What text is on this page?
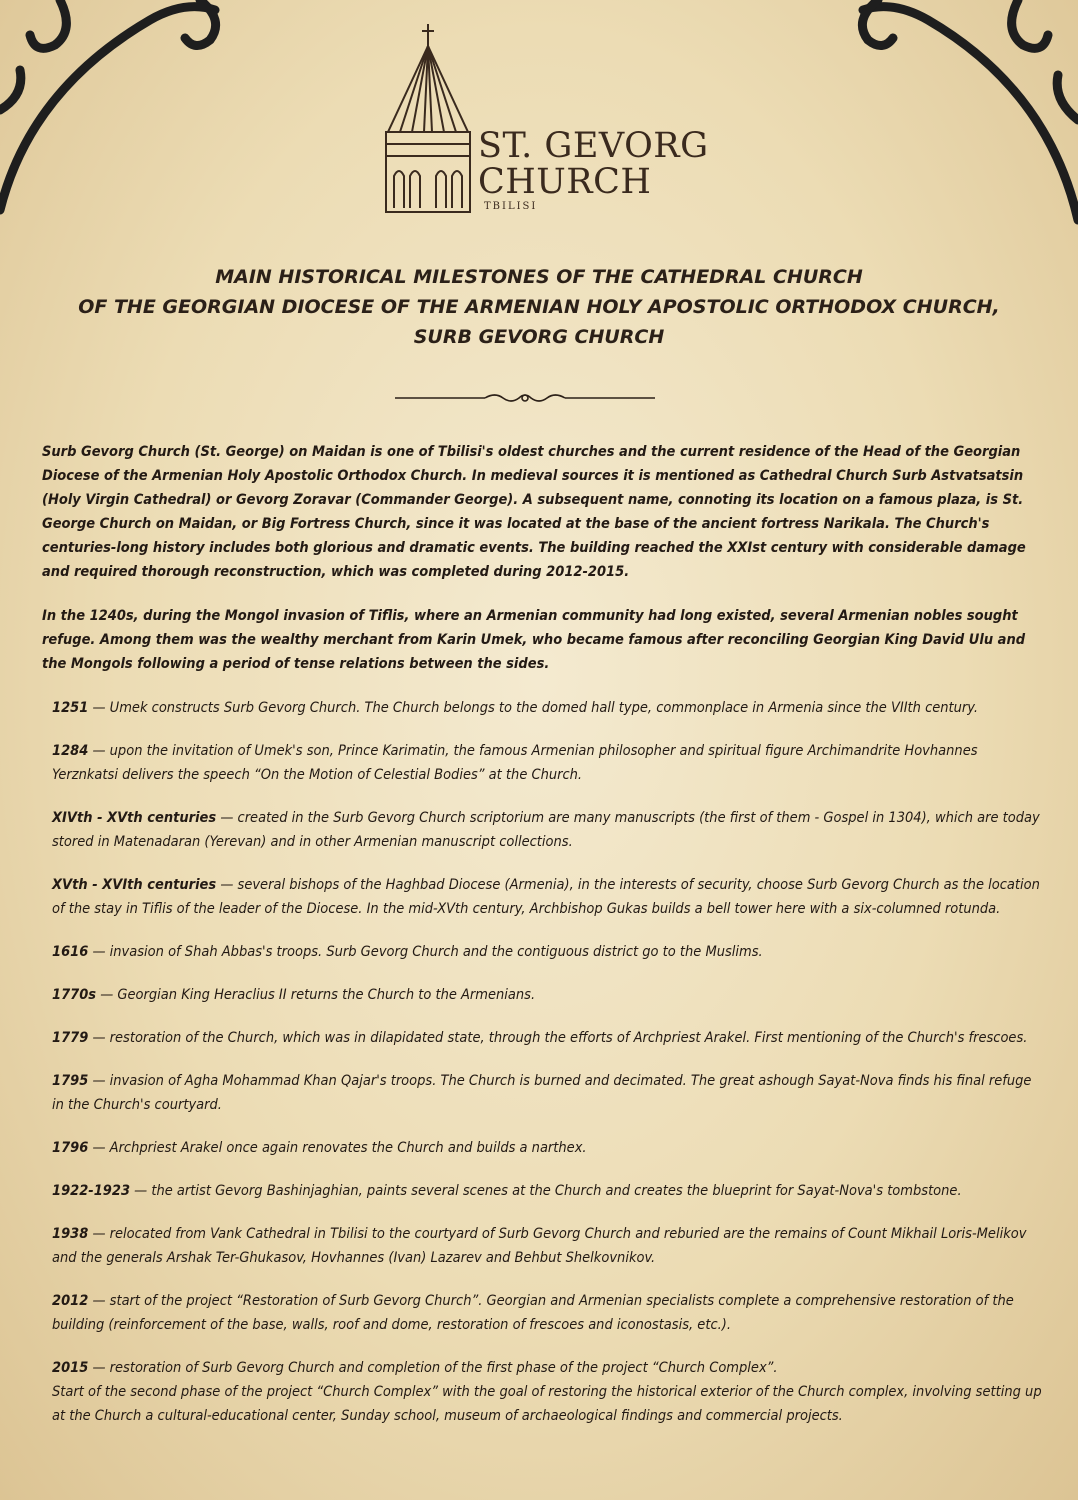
ST. GEVORG
CHURCH
TBILISI
MAIN HISTORICAL MILESTONES OF THE CATHEDRAL CHURCH
OF THE GEORGIAN DIOCESE OF THE ARMENIAN HOLY APOSTOLIC ORTHODOX CHURCH,
SURB GEVORG CHURCH

Surb Gevorg Church (St. George) on Maidan is one of Tbilisi's oldest churches and the current residence of the Head of the Georgian Diocese of the Armenian Holy Apostolic Orthodox Church. In medieval sources it is mentioned as Cathedral Church Surb Astvatsatsin (Holy Virgin Cathedral) or Gevorg Zoravar (Commander George). A subsequent name, connoting its location on a famous plaza, is St. George Church on Maidan, or Big Fortress Church, since it was located at the base of the ancient fortress Narikala. The Church's centuries-long history includes both glorious and dramatic events. The building reached the XXIst century with considerable damage and required thorough reconstruction, which was completed during 2012-2015.

In the 1240s, during the Mongol invasion of Tiflis, where an Armenian community had long existed, several Armenian nobles sought refuge. Among them was the wealthy merchant from Karin Umek, who became famous after reconciling Georgian King David Ulu and the Mongols following a period of tense relations between the sides.

1251 — Umek constructs Surb Gevorg Church. The Church belongs to the domed hall type, commonplace in Armenia since the VIIth century.
1284 — upon the invitation of Umek's son, Prince Karimatin, the famous Armenian philosopher and spiritual figure Archimandrite Hovhannes Yerznkatsi delivers the speech “On the Motion of Celestial Bodies” at the Church.
XIVth - XVth centuries — created in the Surb Gevorg Church scriptorium are many manuscripts (the first of them - Gospel in 1304), which are today stored in Matenadaran (Yerevan) and in other Armenian manuscript collections.
XVth - XVIth centuries — several bishops of the Haghbad Diocese (Armenia), in the interests of security, choose Surb Gevorg Church as the location of the stay in Tiflis of the leader of the Diocese. In the mid-XVth century, Archbishop Gukas builds a bell tower here with a six-columned rotunda.
1616 — invasion of Shah Abbas's troops. Surb Gevorg Church and the contiguous district go to the Muslims.
1770s — Georgian King Heraclius II returns the Church to the Armenians.
1779 — restoration of the Church, which was in dilapidated state, through the efforts of Archpriest Arakel. First mentioning of the Church's frescoes.
1795 — invasion of Agha Mohammad Khan Qajar's troops. The Church is burned and decimated. The great ashough Sayat-Nova finds his final refuge in the Church's courtyard.
1796 — Archpriest Arakel once again renovates the Church and builds a narthex.
1922-1923 — the artist Gevorg Bashinjaghian, paints several scenes at the Church and creates the blueprint for Sayat-Nova's tombstone.
1938 — relocated from Vank Cathedral in Tbilisi to the courtyard of Surb Gevorg Church and reburied are the remains of Count Mikhail Loris-Melikov and the generals Arshak Ter-Ghukasov, Hovhannes (Ivan) Lazarev and Behbut Shelkovnikov.
2012 — start of the project “Restoration of Surb Gevorg Church”. Georgian and Armenian specialists complete a comprehensive restoration of the building (reinforcement of the base, walls, roof and dome, restoration of frescoes and iconostasis, etc.).
2015 — restoration of Surb Gevorg Church and completion of the first phase of the project “Church Complex”.
Start of the second phase of the project “Church Complex” with the goal of restoring the historical exterior of the Church complex, involving setting up at the Church a cultural-educational center, Sunday school, museum of archaeological findings and commercial projects.
